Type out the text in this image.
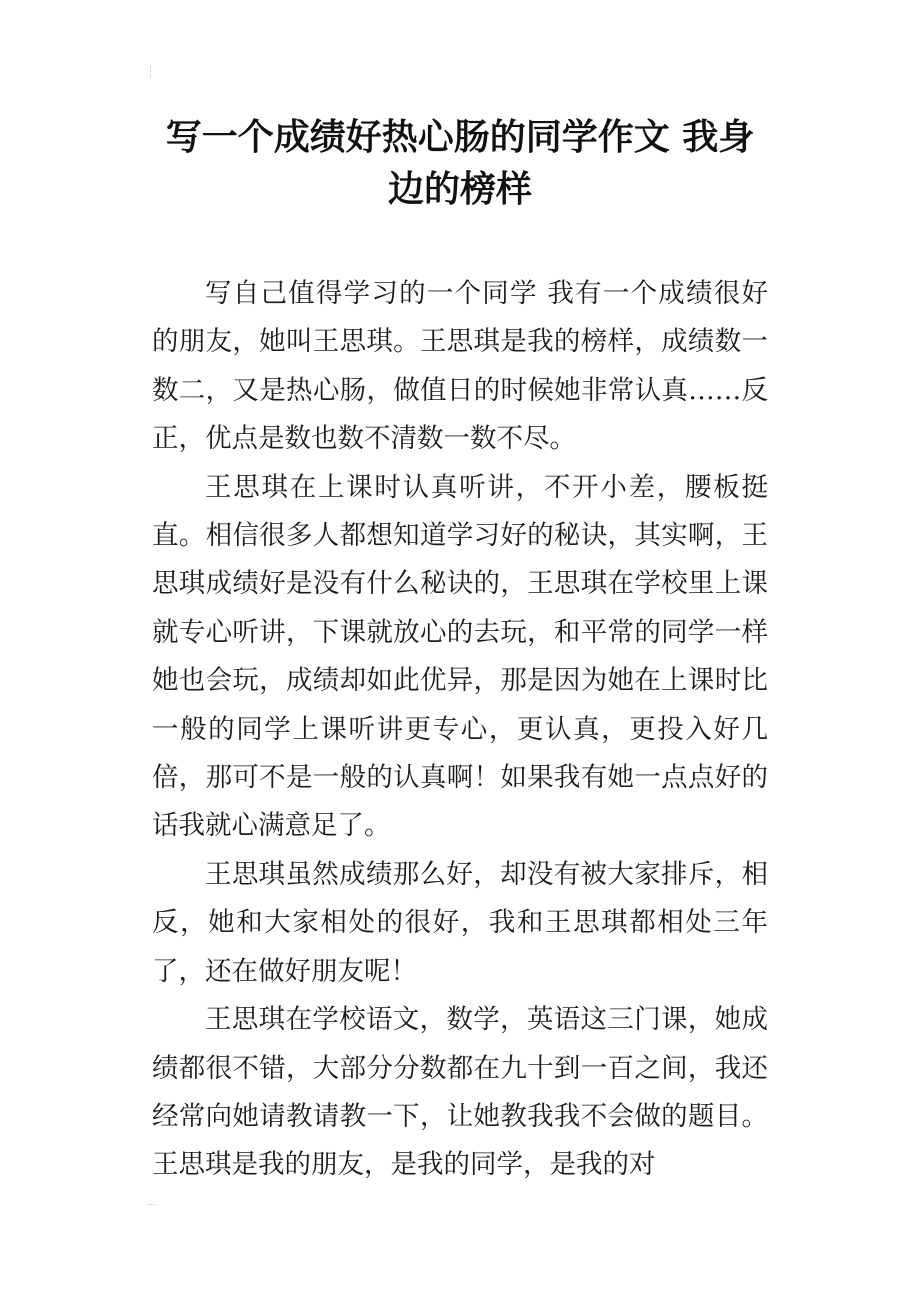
写一个成绩好热心肠的同学作文 我身边的榜样

写自己值得学习的一个同学 我有一个成绩很好的朋友，她叫王思琪。王思琪是我的榜样，成绩数一数二，又是热心肠，做值日的时候她非常认真……反正，优点是数也数不清数一数不尽。

王思琪在上课时认真听讲，不开小差，腰板挺直。相信很多人都想知道学习好的秘诀，其实啊，王思琪成绩好是没有什么秘诀的，王思琪在学校里上课就专心听讲，下课就放心的去玩，和平常的同学一样她也会玩，成绩却如此优异，那是因为她在上课时比一般的同学上课听讲更专心，更认真，更投入好几倍，那可不是一般的认真啊！如果我有她一点点好的话我就心满意足了。

王思琪虽然成绩那么好，却没有被大家排斥，相反，她和大家相处的很好，我和王思琪都相处三年了，还在做好朋友呢！

王思琪在学校语文，数学，英语这三门课，她成绩都很不错，大部分分数都在九十到一百之间，我还经常向她请教请教一下，让她教我我不会做的题目。 王思琪是我的朋友，是我的同学，是我的对
